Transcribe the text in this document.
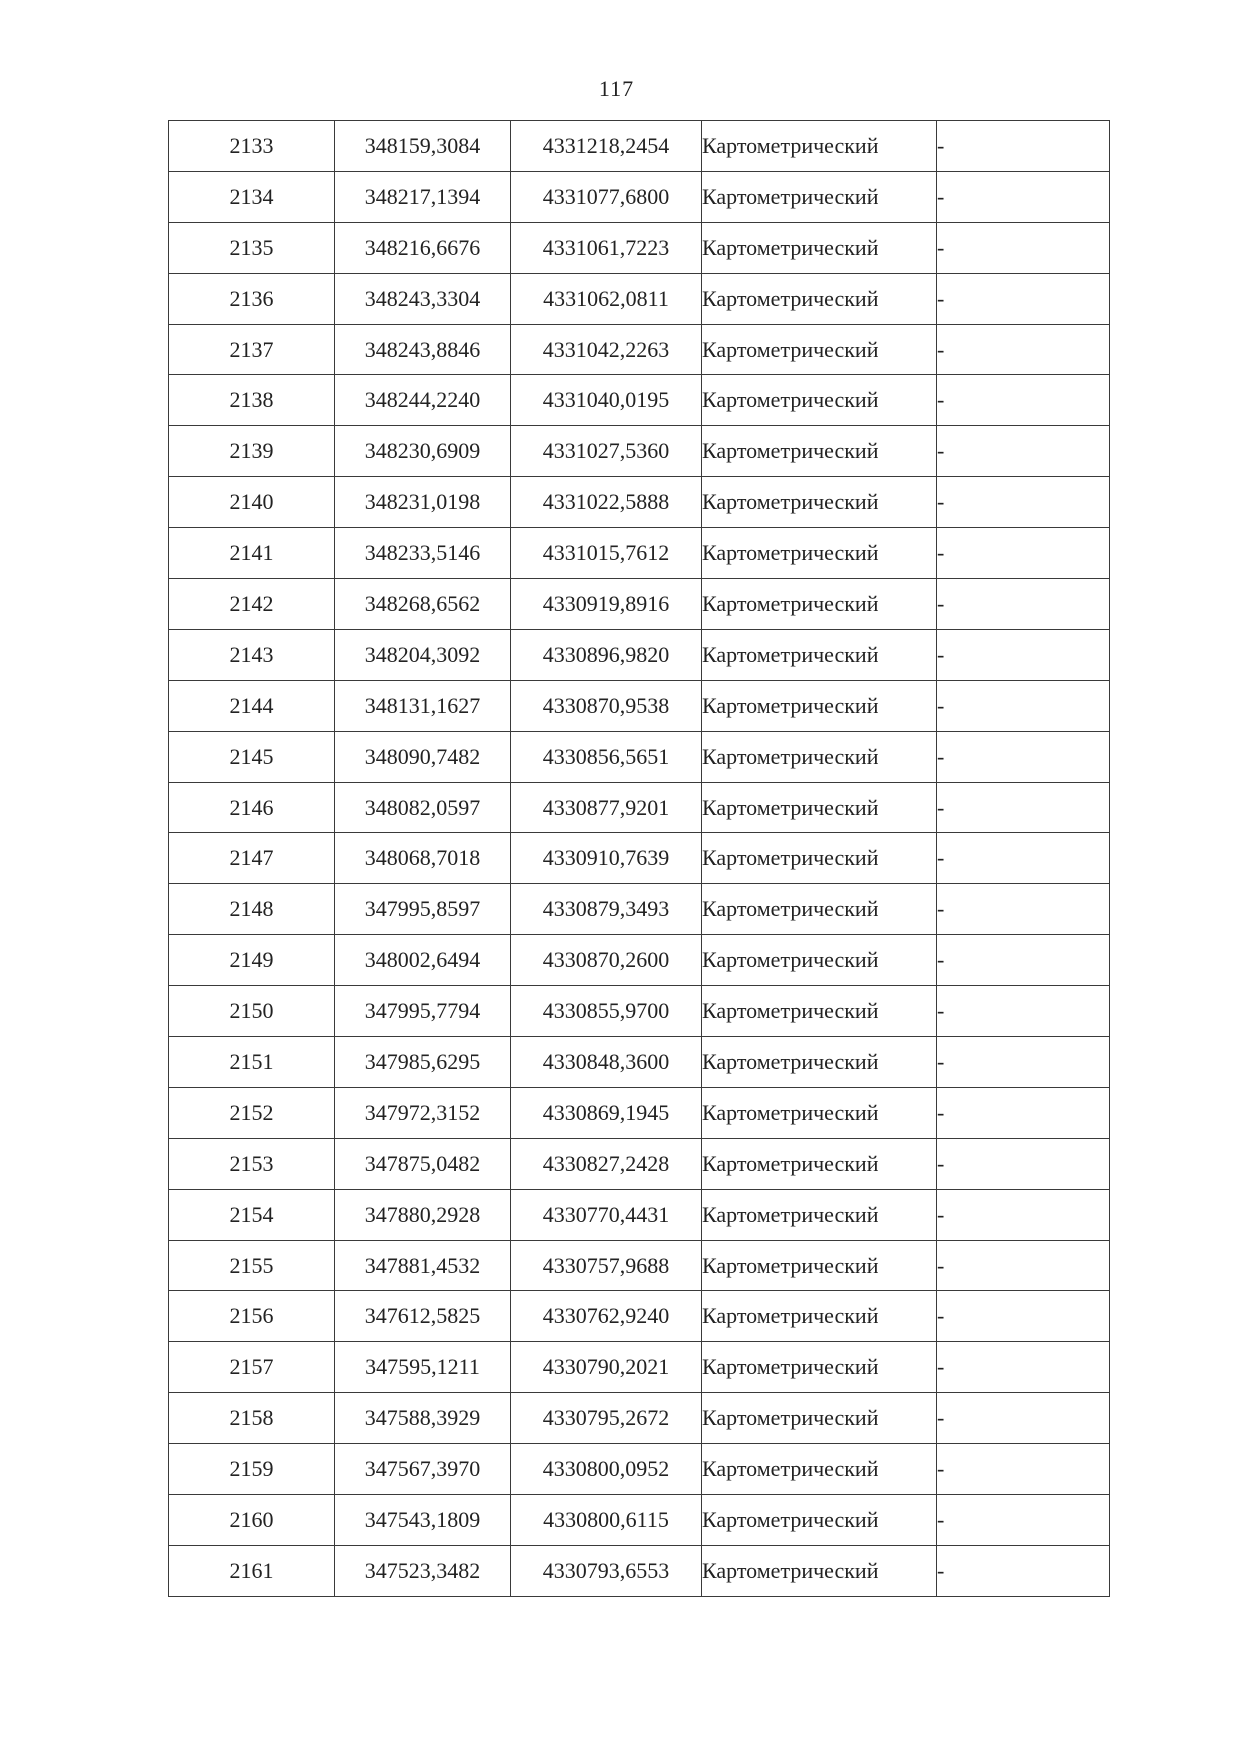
117
2133	348159,3084	4331218,2454	Картометрический	-
2134	348217,1394	4331077,6800	Картометрический	-
2135	348216,6676	4331061,7223	Картометрический	-
2136	348243,3304	4331062,0811	Картометрический	-
2137	348243,8846	4331042,2263	Картометрический	-
2138	348244,2240	4331040,0195	Картометрический	-
2139	348230,6909	4331027,5360	Картометрический	-
2140	348231,0198	4331022,5888	Картометрический	-
2141	348233,5146	4331015,7612	Картометрический	-
2142	348268,6562	4330919,8916	Картометрический	-
2143	348204,3092	4330896,9820	Картометрический	-
2144	348131,1627	4330870,9538	Картометрический	-
2145	348090,7482	4330856,5651	Картометрический	-
2146	348082,0597	4330877,9201	Картометрический	-
2147	348068,7018	4330910,7639	Картометрический	-
2148	347995,8597	4330879,3493	Картометрический	-
2149	348002,6494	4330870,2600	Картометрический	-
2150	347995,7794	4330855,9700	Картометрический	-
2151	347985,6295	4330848,3600	Картометрический	-
2152	347972,3152	4330869,1945	Картометрический	-
2153	347875,0482	4330827,2428	Картометрический	-
2154	347880,2928	4330770,4431	Картометрический	-
2155	347881,4532	4330757,9688	Картометрический	-
2156	347612,5825	4330762,9240	Картометрический	-
2157	347595,1211	4330790,2021	Картометрический	-
2158	347588,3929	4330795,2672	Картометрический	-
2159	347567,3970	4330800,0952	Картометрический	-
2160	347543,1809	4330800,6115	Картометрический	-
2161	347523,3482	4330793,6553	Картометрический	-
